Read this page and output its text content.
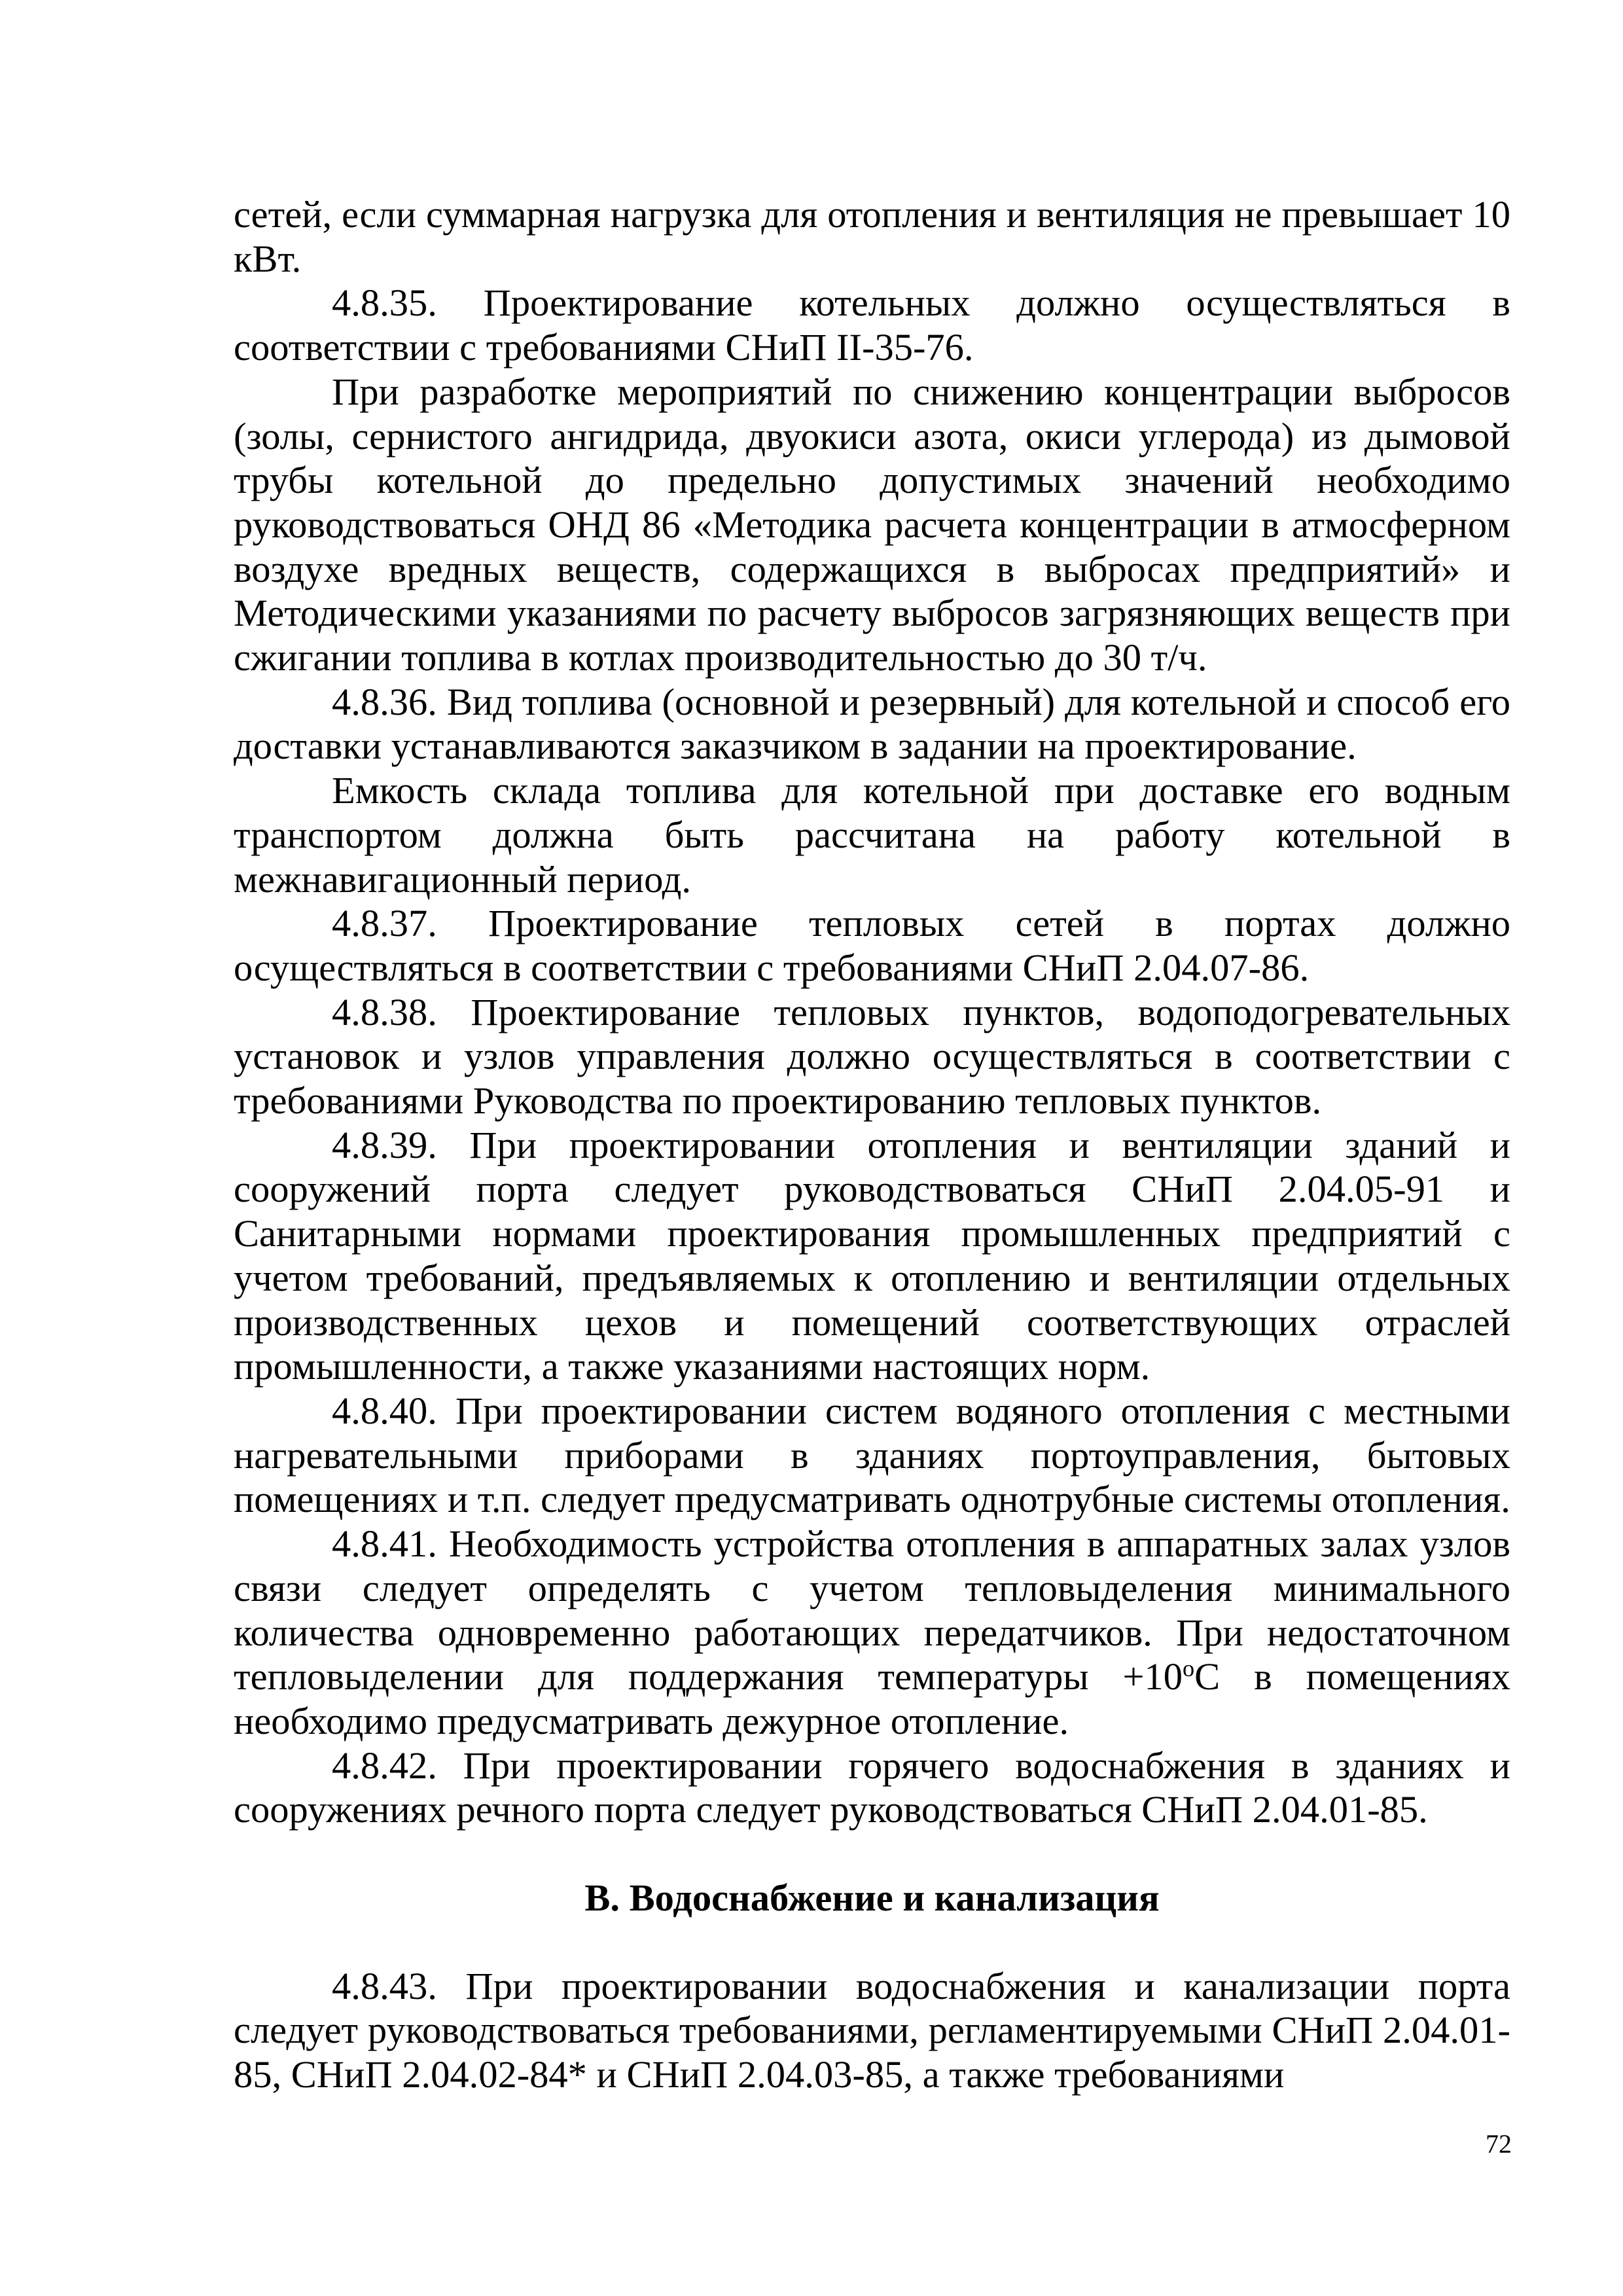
сетей, если суммарная нагрузка для отопления и вентиляция не превышает 10 кВт.

4.8.35. Проектирование котельных должно осуществляться в соответствии с требованиями СНиП II-35-76.

При разработке мероприятий по снижению концентрации выбросов (золы, сернистого ангидрида, двуокиси азота, окиси углерода) из дымовой трубы котельной до предельно допустимых значений необходимо руководствоваться ОНД 86 «Методика расчета концентрации в атмосферном воздухе вредных веществ, содержащихся в выбросах предприятий» и Методическими указаниями по расчету выбросов загрязняющих веществ при сжигании топлива в котлах производительностью до 30 т/ч.

4.8.36. Вид топлива (основной и резервный) для котельной и способ его доставки устанавливаются заказчиком в задании на проектирование.

Емкость склада топлива для котельной при доставке его водным транспортом должна быть рассчитана на работу котельной в межнавигационный период.

4.8.37. Проектирование тепловых сетей в портах должно осуществляться в соответствии с требованиями СНиП 2.04.07-86.

4.8.38. Проектирование тепловых пунктов, водоподогревательных установок и узлов управления должно осуществляться в соответствии с требованиями Руководства по проектированию тепловых пунктов.

4.8.39. При проектировании отопления и вентиляции зданий и сооружений порта следует руководствоваться СНиП 2.04.05-91 и Санитарными нормами проектирования промышленных предприятий с учетом требований, предъявляемых к отоплению и вентиляции отдельных производственных цехов и помещений соответствующих отраслей промышленности, а также указаниями настоящих норм.

4.8.40. При проектировании систем водяного отопления с местными нагревательными приборами в зданиях портоуправления, бытовых помещениях и т.п. следует предусматривать однотрубные системы отопления.

4.8.41. Необходимость устройства отопления в аппаратных залах узлов связи следует определять с учетом тепловыделения минимального количества одновременно работающих передатчиков. При недостаточном тепловыделении для поддержания температуры $+10^oС$ в помещениях необходимо предусматривать дежурное отопление.

4.8.42. При проектировании горячего водоснабжения в зданиях и сооружениях речного порта следует руководствоваться СНиП 2.04.01-85.

В. Водоснабжение и канализация

4.8.43. При проектировании водоснабжения и канализации порта следует руководствоваться требованиями, регламентируемыми СНиП 2.04.01-85, СНиП 2.04.02-84* и СНиП 2.04.03-85, а также требованиями

72
